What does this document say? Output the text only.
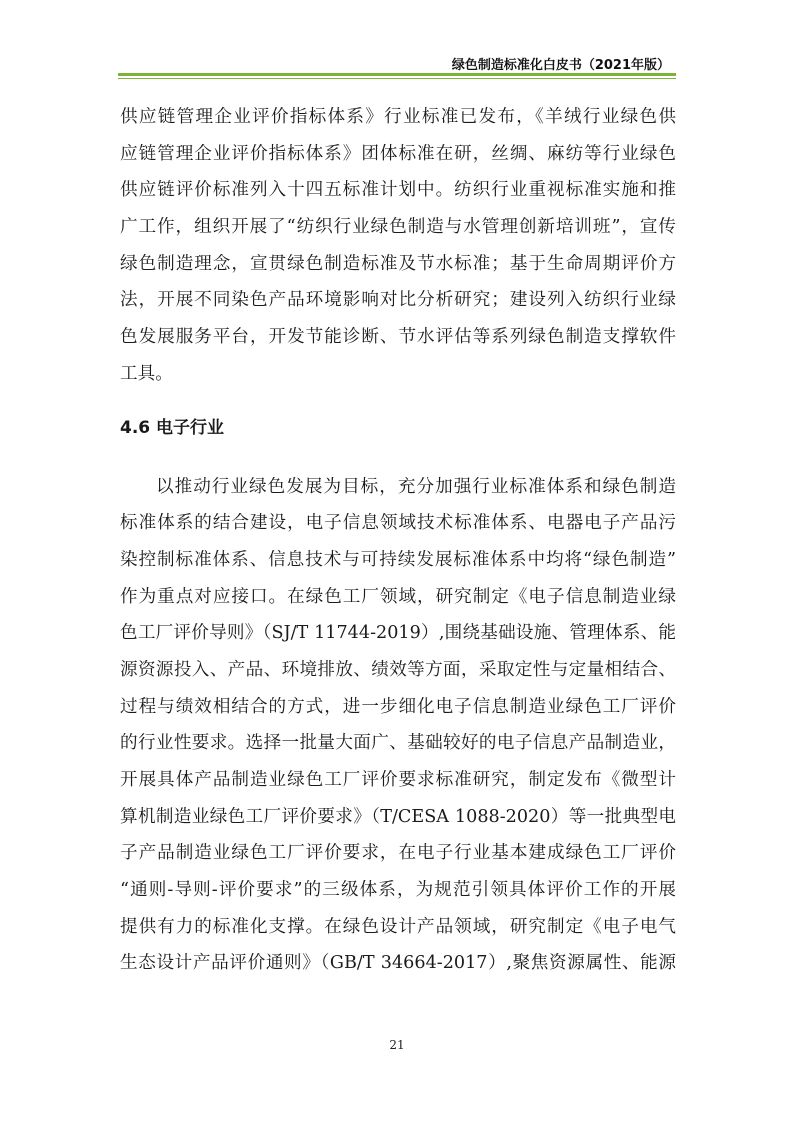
绿色制造标准化白皮书（2021年版）
供应链管理企业评价指标体系》行业标准已发布，《羊绒行业绿色供
应链管理企业评价指标体系》团体标准在研，丝绸、麻纺等行业绿色
供应链评价标准列入十四五标准计划中。纺织行业重视标准实施和推
广工作，组织开展了“纺织行业绿色制造与水管理创新培训班”，宣传
绿色制造理念，宣贯绿色制造标准及节水标准；基于生命周期评价方
法，开展不同染色产品环境影响对比分析研究；建设列入纺织行业绿
色发展服务平台，开发节能诊断、节水评估等系列绿色制造支撑软件
工具。
4.6 电子行业
以推动行业绿色发展为目标，充分加强行业标准体系和绿色制造
标准体系的结合建设，电子信息领域技术标准体系、电器电子产品污
染控制标准体系、信息技术与可持续发展标准体系中均将“绿色制造”
作为重点对应接口。在绿色工厂领域，研究制定《电子信息制造业绿
色工厂评价导则》（SJ/T 11744-2019）,围绕基础设施、管理体系、能
源资源投入、产品、环境排放、绩效等方面，采取定性与定量相结合、
过程与绩效相结合的方式，进一步细化电子信息制造业绿色工厂评价
的行业性要求。选择一批量大面广、基础较好的电子信息产品制造业，
开展具体产品制造业绿色工厂评价要求标准研究，制定发布《微型计
算机制造业绿色工厂评价要求》（T/CESA 1088-2020）等一批典型电
子产品制造业绿色工厂评价要求，在电子行业基本建成绿色工厂评价
“通则-导则-评价要求”的三级体系，为规范引领具体评价工作的开展
提供有力的标准化支撑。在绿色设计产品领域，研究制定《电子电气
生态设计产品评价通则》（GB/T 34664-2017）,聚焦资源属性、能源
21
